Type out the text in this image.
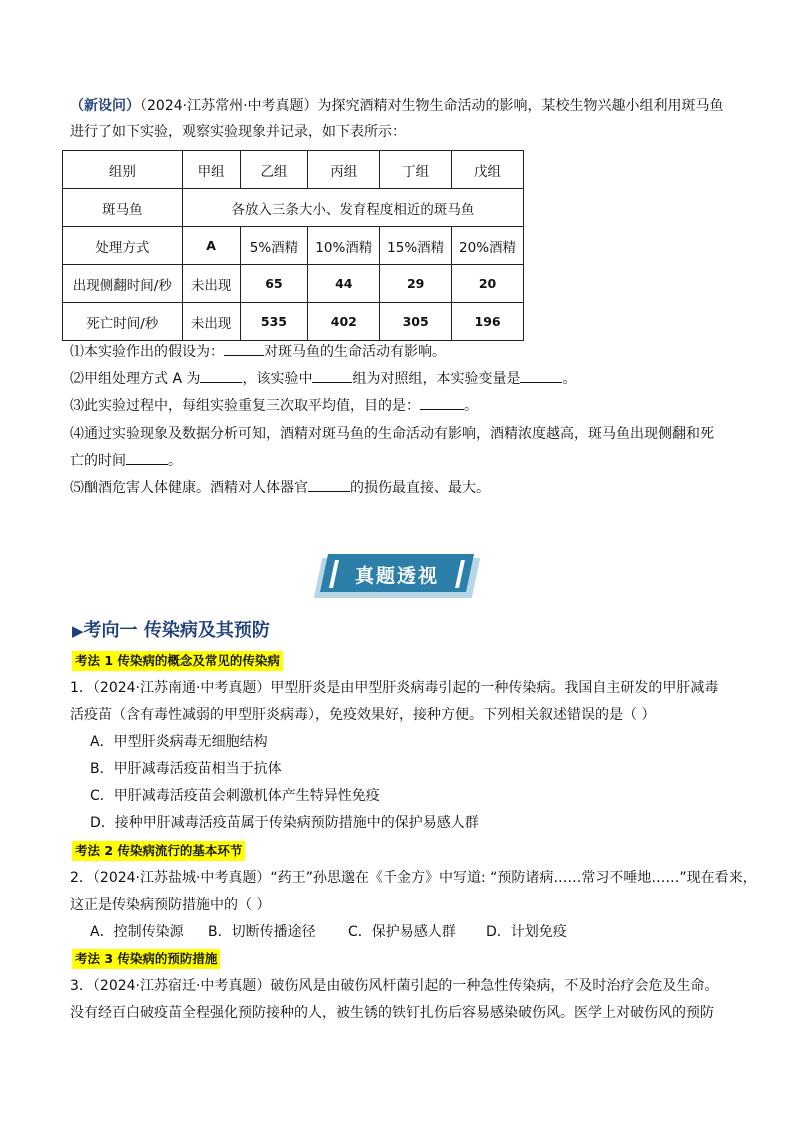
（新设问）（2024·江苏常州·中考真题）为探究酒精对生物生命活动的影响，某校生物兴趣小组利用斑马鱼
进行了如下实验，观察实验现象并记录，如下表所示：
组别	甲组	乙组	丙组	丁组	戊组
斑马鱼	各放入三条大小、发育程度相近的斑马鱼				
处理方式	A	5%酒精	10%酒精	15%酒精	20%酒精
出现侧翻时间/秒	未出现	65	44	29	20
死亡时间/秒	未出现	535	402	305	196
⑴本实验作出的假设为：	对斑马鱼的生命活动有影响。
⑵甲组处理方式 A 为	，该实验中	组为对照组，本实验变量是	。
⑶此实验过程中，每组实验重复三次取平均值，目的是：	。
⑷通过实验现象及数据分析可知，酒精对斑马鱼的生命活动有影响，酒精浓度越高，斑马鱼出现侧翻和死
亡的时间	。
⑸酗酒危害人体健康。酒精对人体器官	的损伤最直接、最大。
真题透视
▶考向一 传染病及其预防
考法 1 传染病的概念及常见的传染病
1．（2024·江苏南通·中考真题）甲型肝炎是由甲型肝炎病毒引起的一种传染病。我国自主研发的甲肝减毒
活疫苗（含有毒性减弱的甲型肝炎病毒），免疫效果好，接种方便。下列相关叙述错误的是（ ）
A．甲型肝炎病毒无细胞结构
B．甲肝减毒活疫苗相当于抗体
C．甲肝减毒活疫苗会刺激机体产生特异性免疫
D．接种甲肝减毒活疫苗属于传染病预防措施中的保护易感人群
考法 2 传染病流行的基本环节
2．（2024·江苏盐城·中考真题）“药王”孙思邈在《千金方》中写道: “预防诸病……常习不唾地……”现在看来，
这正是传染病预防措施中的（ ）
A．控制传染源 B．切断传播途径 C．保护易感人群 D．计划免疫
考法 3 传染病的预防措施
3．（2024·江苏宿迁·中考真题）破伤风是由破伤风杆菌引起的一种急性传染病，不及时治疗会危及生命。
没有经百白破疫苗全程强化预防接种的人，被生锈的铁钉扎伤后容易感染破伤风。医学上对破伤风的预防
